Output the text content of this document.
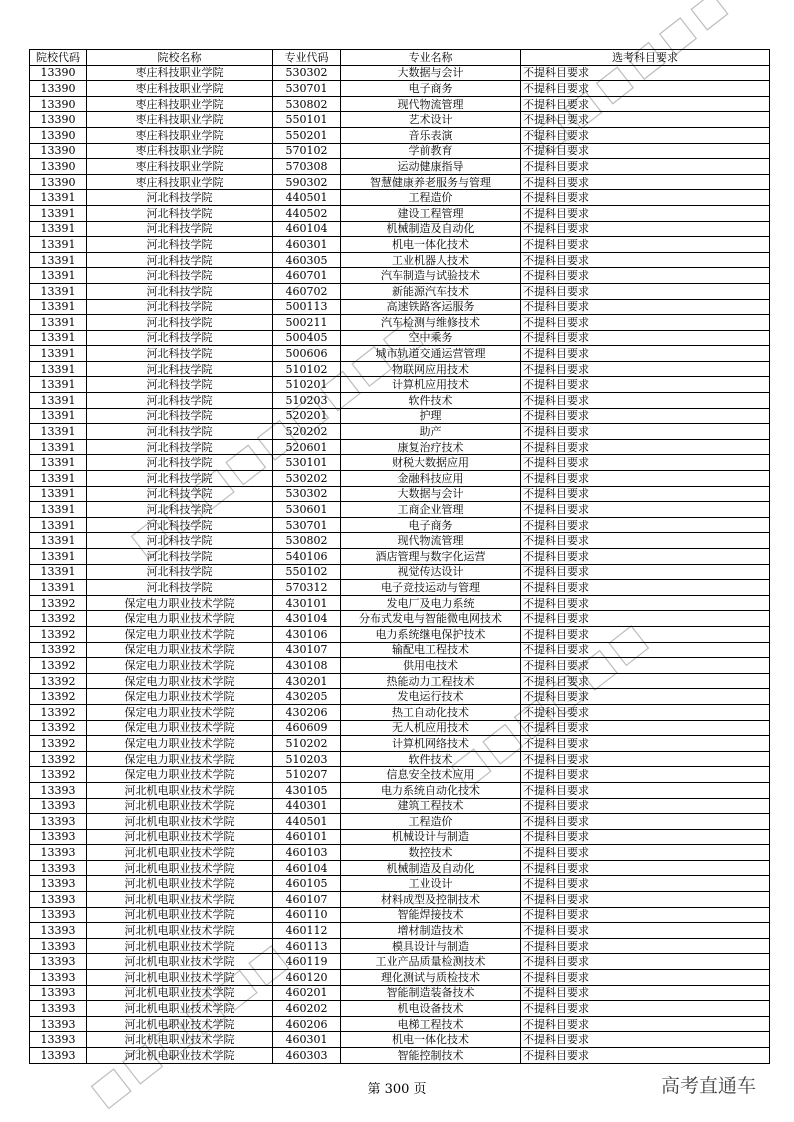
院校代码	院校名称	专业代码	专业名称	选考科目要求
13390	枣庄科技职业学院	530302	大数据与会计	不提科目要求
13390	枣庄科技职业学院	530701	电子商务	不提科目要求
13390	枣庄科技职业学院	530802	现代物流管理	不提科目要求
13390	枣庄科技职业学院	550101	艺术设计	不提科目要求
13390	枣庄科技职业学院	550201	音乐表演	不提科目要求
13390	枣庄科技职业学院	570102	学前教育	不提科目要求
13390	枣庄科技职业学院	570308	运动健康指导	不提科目要求
13390	枣庄科技职业学院	590302	智慧健康养老服务与管理	不提科目要求
13391	河北科技学院	440501	工程造价	不提科目要求
13391	河北科技学院	440502	建设工程管理	不提科目要求
13391	河北科技学院	460104	机械制造及自动化	不提科目要求
13391	河北科技学院	460301	机电一体化技术	不提科目要求
13391	河北科技学院	460305	工业机器人技术	不提科目要求
13391	河北科技学院	460701	汽车制造与试验技术	不提科目要求
13391	河北科技学院	460702	新能源汽车技术	不提科目要求
13391	河北科技学院	500113	高速铁路客运服务	不提科目要求
13391	河北科技学院	500211	汽车检测与维修技术	不提科目要求
13391	河北科技学院	500405	空中乘务	不提科目要求
13391	河北科技学院	500606	城市轨道交通运营管理	不提科目要求
13391	河北科技学院	510102	物联网应用技术	不提科目要求
13391	河北科技学院	510201	计算机应用技术	不提科目要求
13391	河北科技学院	510203	软件技术	不提科目要求
13391	河北科技学院	520201	护理	不提科目要求
13391	河北科技学院	520202	助产	不提科目要求
13391	河北科技学院	520601	康复治疗技术	不提科目要求
13391	河北科技学院	530101	财税大数据应用	不提科目要求
13391	河北科技学院	530202	金融科技应用	不提科目要求
13391	河北科技学院	530302	大数据与会计	不提科目要求
13391	河北科技学院	530601	工商企业管理	不提科目要求
13391	河北科技学院	530701	电子商务	不提科目要求
13391	河北科技学院	530802	现代物流管理	不提科目要求
13391	河北科技学院	540106	酒店管理与数字化运营	不提科目要求
13391	河北科技学院	550102	视觉传达设计	不提科目要求
13391	河北科技学院	570312	电子竞技运动与管理	不提科目要求
13392	保定电力职业技术学院	430101	发电厂及电力系统	不提科目要求
13392	保定电力职业技术学院	430104	分布式发电与智能微电网技术	不提科目要求
13392	保定电力职业技术学院	430106	电力系统继电保护技术	不提科目要求
13392	保定电力职业技术学院	430107	输配电工程技术	不提科目要求
13392	保定电力职业技术学院	430108	供用电技术	不提科目要求
13392	保定电力职业技术学院	430201	热能动力工程技术	不提科目要求
13392	保定电力职业技术学院	430205	发电运行技术	不提科目要求
13392	保定电力职业技术学院	430206	热工自动化技术	不提科目要求
13392	保定电力职业技术学院	460609	无人机应用技术	不提科目要求
13392	保定电力职业技术学院	510202	计算机网络技术	不提科目要求
13392	保定电力职业技术学院	510203	软件技术	不提科目要求
13392	保定电力职业技术学院	510207	信息安全技术应用	不提科目要求
13393	河北机电职业技术学院	430105	电力系统自动化技术	不提科目要求
13393	河北机电职业技术学院	440301	建筑工程技术	不提科目要求
13393	河北机电职业技术学院	440501	工程造价	不提科目要求
13393	河北机电职业技术学院	460101	机械设计与制造	不提科目要求
13393	河北机电职业技术学院	460103	数控技术	不提科目要求
13393	河北机电职业技术学院	460104	机械制造及自动化	不提科目要求
13393	河北机电职业技术学院	460105	工业设计	不提科目要求
13393	河北机电职业技术学院	460107	材料成型及控制技术	不提科目要求
13393	河北机电职业技术学院	460110	智能焊接技术	不提科目要求
13393	河北机电职业技术学院	460112	增材制造技术	不提科目要求
13393	河北机电职业技术学院	460113	模具设计与制造	不提科目要求
13393	河北机电职业技术学院	460119	工业产品质量检测技术	不提科目要求
13393	河北机电职业技术学院	460120	理化测试与质检技术	不提科目要求
13393	河北机电职业技术学院	460201	智能制造装备技术	不提科目要求
13393	河北机电职业技术学院	460202	机电设备技术	不提科目要求
13393	河北机电职业技术学院	460206	电梯工程技术	不提科目要求
13393	河北机电职业技术学院	460301	机电一体化技术	不提科目要求
13393	河北机电职业技术学院	460303	智能控制技术	不提科目要求
第 300 页	高考直通车
